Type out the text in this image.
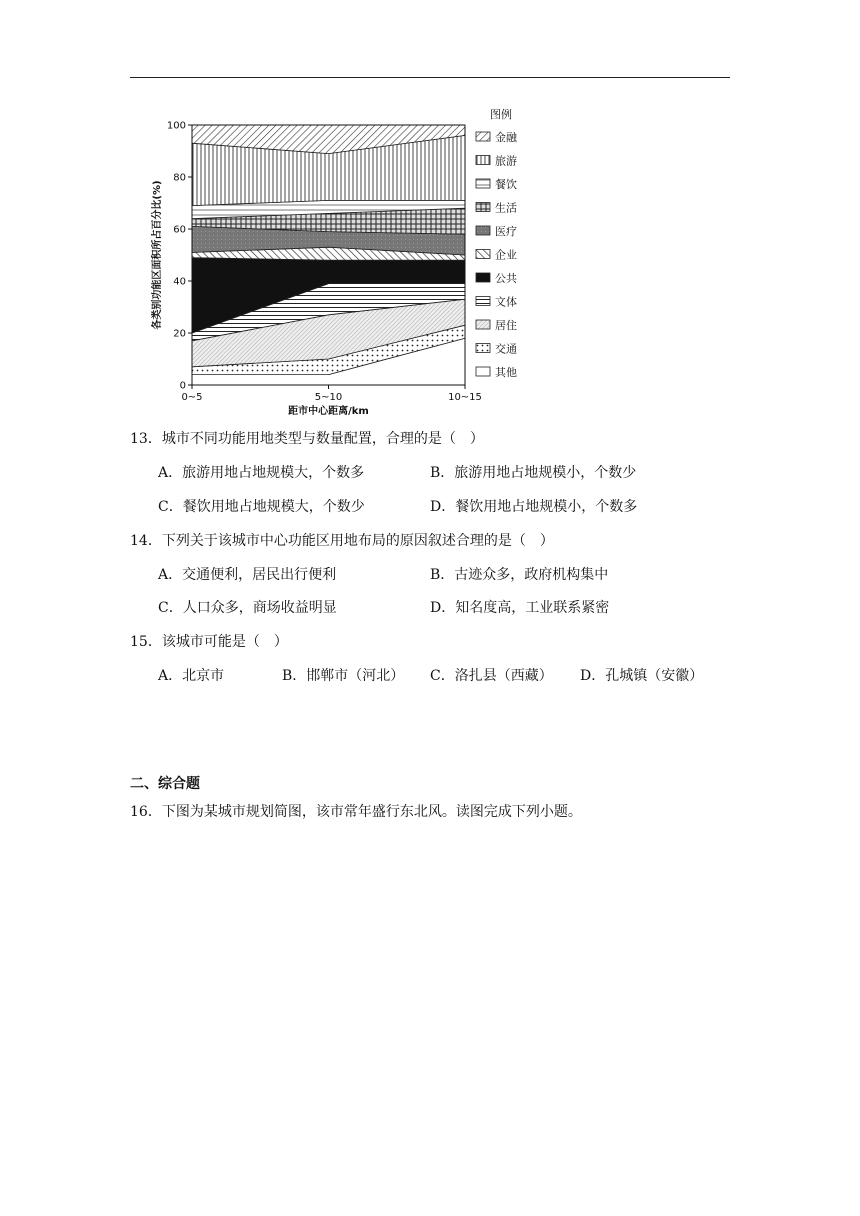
0
20
40
60
80
100
0~5	5~10	10~15
距市中心距离/km
各类别功能区面积所占百分比(%)
图例
金融
旅游
餐饮
生活
医疗
企业
公共
文体
居住
交通
其他
13．城市不同功能用地类型与数量配置，合理的是（　）
A．旅游用地占地规模大，个数多	B．旅游用地占地规模小，个数少
C．餐饮用地占地规模大，个数少	D．餐饮用地占地规模小，个数多
14．下列关于该城市中心功能区用地布局的原因叙述合理的是（　）
A．交通便利，居民出行便利	B．古迹众多，政府机构集中
C．人口众多，商场收益明显	D．知名度高，工业联系紧密
15．该城市可能是（　）
A．北京市	B．邯郸市（河北） C．洛扎县（西藏） D．孔城镇（安徽）
二、综合题
16．下图为某城市规划简图，该市常年盛行东北风。读图完成下列小题。
